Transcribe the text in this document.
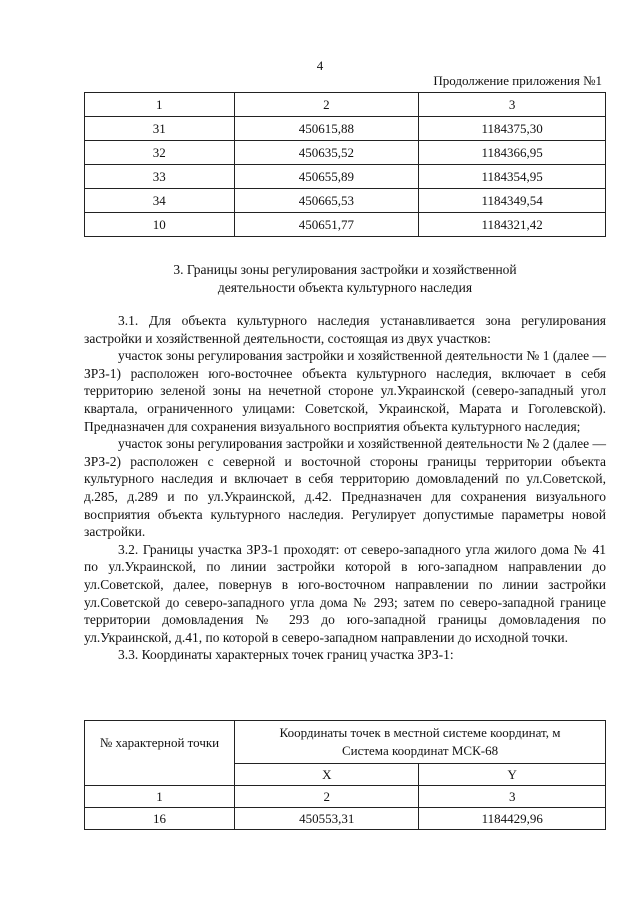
4
Продолжение приложения №1
1	2	3
31	450615,88	1184375,30
32	450635,52	1184366,95
33	450655,89	1184354,95
34	450665,53	1184349,54
10	450651,77	1184321,42
3. Границы зоны регулирования застройки и хозяйственной
деятельности объекта культурного наследия

3.1. Для объекта культурного наследия устанавливается зона регулирования застройки и хозяйственной деятельности, состоящая из двух участков:

участок зоны регулирования застройки и хозяйственной деятельности № 1 (далее — ЗРЗ-1) расположен юго-восточнее объекта культурного наследия, включает в себя территорию зеленой зоны на нечетной стороне ул.Украинской (северо-западный угол квартала, ограниченного улицами: Советской, Украинской, Марата и Гоголевской). Предназначен для сохранения визуального восприятия объекта культурного наследия;

участок зоны регулирования застройки и хозяйственной деятельности № 2 (далее — ЗРЗ-2) расположен с северной и восточной стороны границы территории объекта культурного наследия и включает в себя территорию домовладений по ул.Советской, д.285, д.289 и по ул.Украинской, д.42. Предназначен для сохранения визуального восприятия объекта культурного наследия. Регулирует допустимые параметры новой застройки.

3.2. Границы участка ЗРЗ-1 проходят: от северо-западного угла жилого дома № 41 по ул.Украинской, по линии застройки которой в юго-западном направлении до ул.Советской, далее, повернув в юго-восточном направлении по линии застройки ул.Советской до северо-западного угла дома № 293; затем по северо-западной границе территории домовладения № 293 до юго-западной границы домовладения по ул.Украинской, д.41, по которой в северо-западном направлении до исходной точки.

3.3. Координаты характерных точек границ участка ЗРЗ-1:

№ характерной точки	Координаты точек в местной системе координат, м
Система координат МСК-68	

	X	Y
1	2	3
16	450553,31	1184429,96
